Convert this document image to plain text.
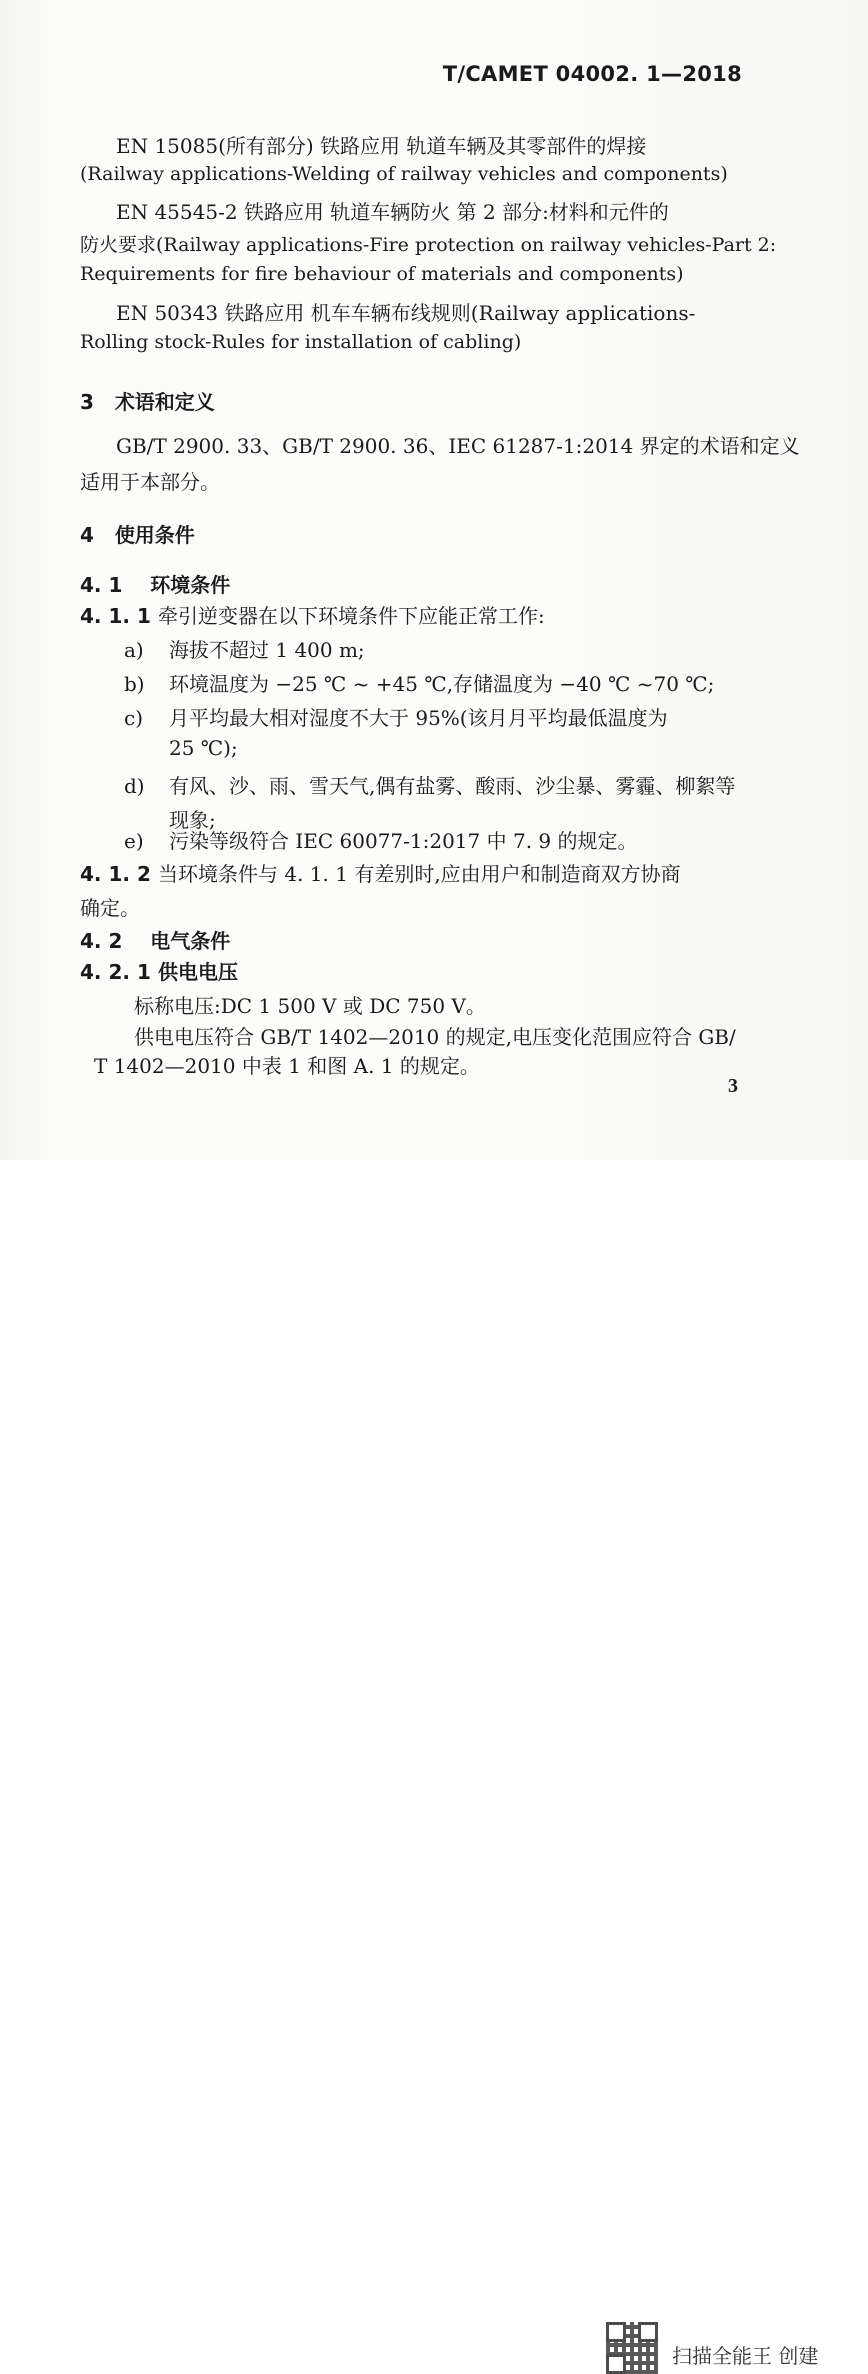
T/CAMET 04002. 1—2018
EN 15085(所有部分) 铁路应用 轨道车辆及其零部件的焊接
(Railway applications-Welding of railway vehicles and components)
EN 45545-2 铁路应用 轨道车辆防火 第 2 部分:材料和元件的
防火要求(Railway applications-Fire protection on railway vehicles-Part 2:
Requirements for fire behaviour of materials and components)
EN 50343 铁路应用 机车车辆布线规则(Railway applications-
Rolling stock-Rules for installation of cabling)
3 术语和定义
GB/T 2900. 33、GB/T 2900. 36、IEC 61287-1:2014 界定的术语和定义
适用于本部分。
4 使用条件
4. 1 环境条件
4. 1. 1 牵引逆变器在以下环境条件下应能正常工作:
a) 海拔不超过 1 400 m;
b) 环境温度为 −25 ℃ ~ +45 ℃,存储温度为 −40 ℃ ~70 ℃;
c) 月平均最大相对湿度不大于 95%(该月月平均最低温度为
25 ℃);
d) 有风、沙、雨、雪天气,偶有盐雾、酸雨、沙尘暴、雾霾、柳絮等
现象;
e) 污染等级符合 IEC 60077-1:2017 中 7. 9 的规定。
4. 1. 2 当环境条件与 4. 1. 1 有差别时,应由用户和制造商双方协商
确定。
4. 2 电气条件
4. 2. 1 供电电压
标称电压:DC 1 500 V 或 DC 750 V。
供电电压符合 GB/T 1402—2010 的规定,电压变化范围应符合 GB/
T 1402—2010 中表 1 和图 A. 1 的规定。
3
扫描全能王 创建
